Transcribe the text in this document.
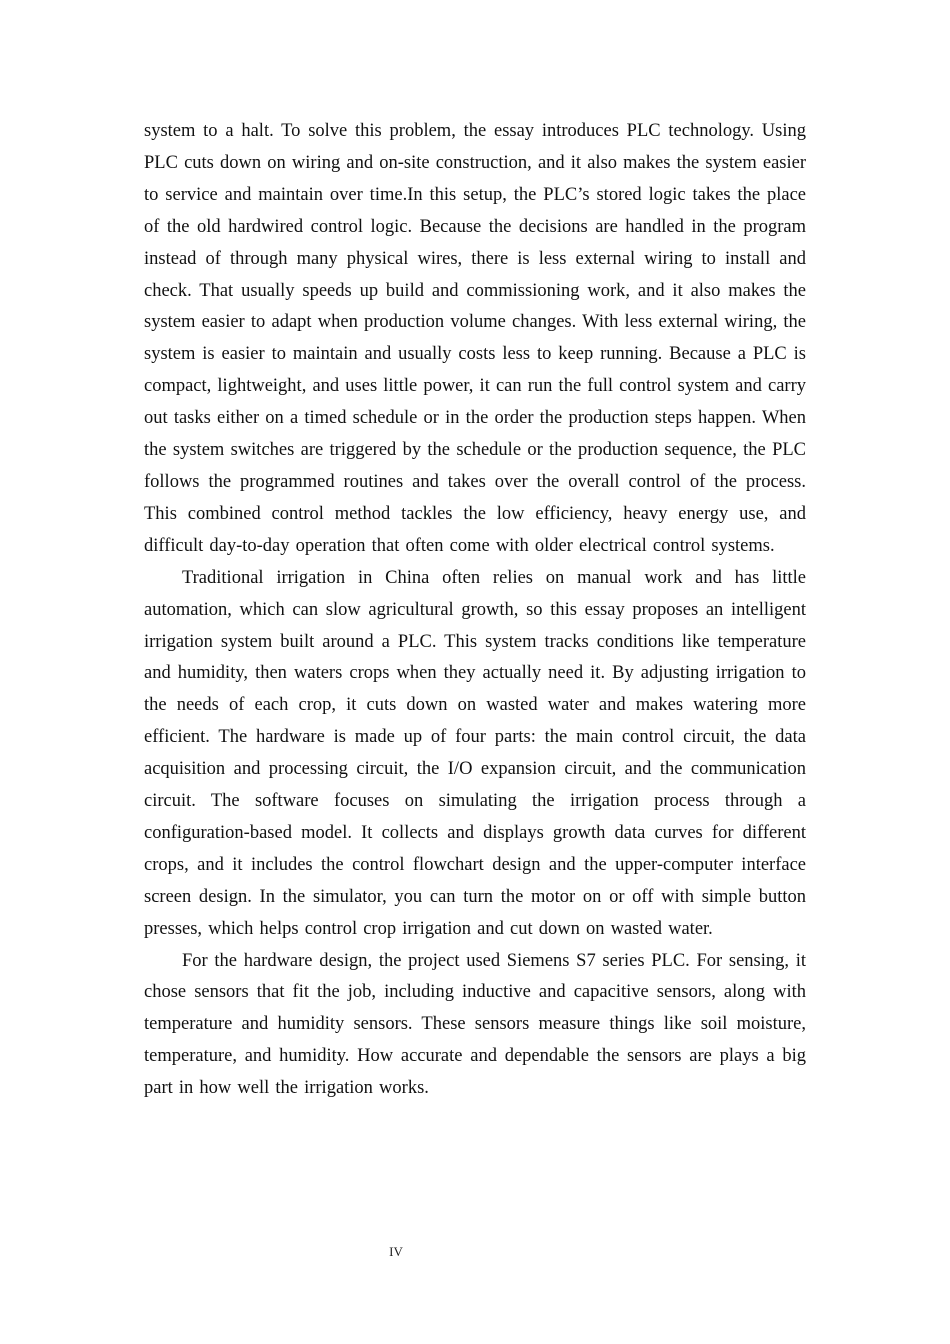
system to a halt. To solve this problem, the essay introduces PLC technology. Using PLC cuts down on wiring and on-site construction, and it also makes the system easier to service and maintain over time.In this setup, the PLC’s stored logic takes the place of the old hardwired control logic. Because the decisions are handled in the program instead of through many physical wires, there is less external wiring to install and check. That usually speeds up build and commissioning work, and it also makes the system easier to adapt when production volume changes. With less external wiring, the system is easier to maintain and usually costs less to keep running. Because a PLC is compact, lightweight, and uses little power, it can run the full control system and carry out tasks either on a timed schedule or in the order the production steps happen. When the system switches are triggered by the schedule or the production sequence, the PLC follows the programmed routines and takes over the overall control of the process. This combined control method tackles the low efficiency, heavy energy use, and difficult day-to-day operation that often come with older electrical control systems.

Traditional irrigation in China often relies on manual work and has little automation, which can slow agricultural growth, so this essay proposes an intelligent irrigation system built around a PLC. This system tracks conditions like temperature and humidity, then waters crops when they actually need it. By adjusting irrigation to the needs of each crop, it cuts down on wasted water and makes watering more efficient. The hardware is made up of four parts: the main control circuit, the data acquisition and processing circuit, the I/O expansion circuit, and the communication circuit. The software focuses on simulating the irrigation process through a configuration-based model. It collects and displays growth data curves for different crops, and it includes the control flowchart design and the upper-computer interface screen design. In the simulator, you can turn the motor on or off with simple button presses, which helps control crop irrigation and cut down on wasted water.

For the hardware design, the project used Siemens S7 series PLC. For sensing, it chose sensors that fit the job, including inductive and capacitive sensors, along with temperature and humidity sensors. These sensors measure things like soil moisture, temperature, and humidity. How accurate and dependable the sensors are plays a big part in how well the irrigation works.

IV
